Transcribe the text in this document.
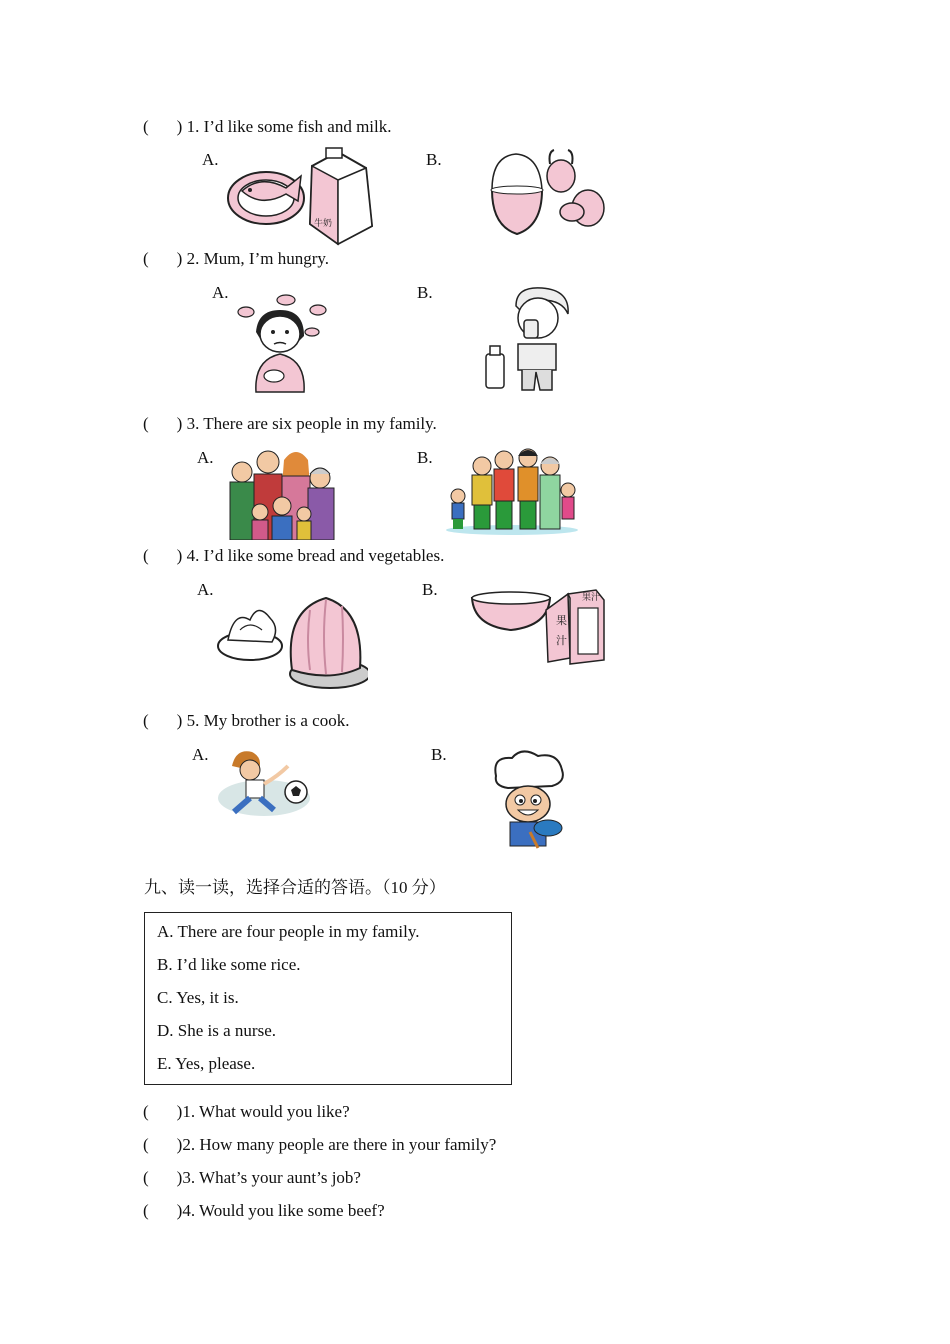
( ) 1. I’d like some fish and milk.
A.	B.
牛奶
( ) 2. Mum, I’m hungry.
A.	B.
( ) 3. There are six people in my family.
A.	B.
( ) 4. I’d like some bread and vegetables.
A.	B.	果汁
果
汁
( ) 5. My brother is a cook.
A.	B.
九、读一读，选择合适的答语。（10 分）
A. There are four people in my family.
B. I’d like some rice.
C. Yes, it is.
D. She is a nurse.
E. Yes, please.
( )1. What would you like?
( )2. How many people are there in your family?
( )3. What’s your aunt’s job?
( )4. Would you like some beef?
